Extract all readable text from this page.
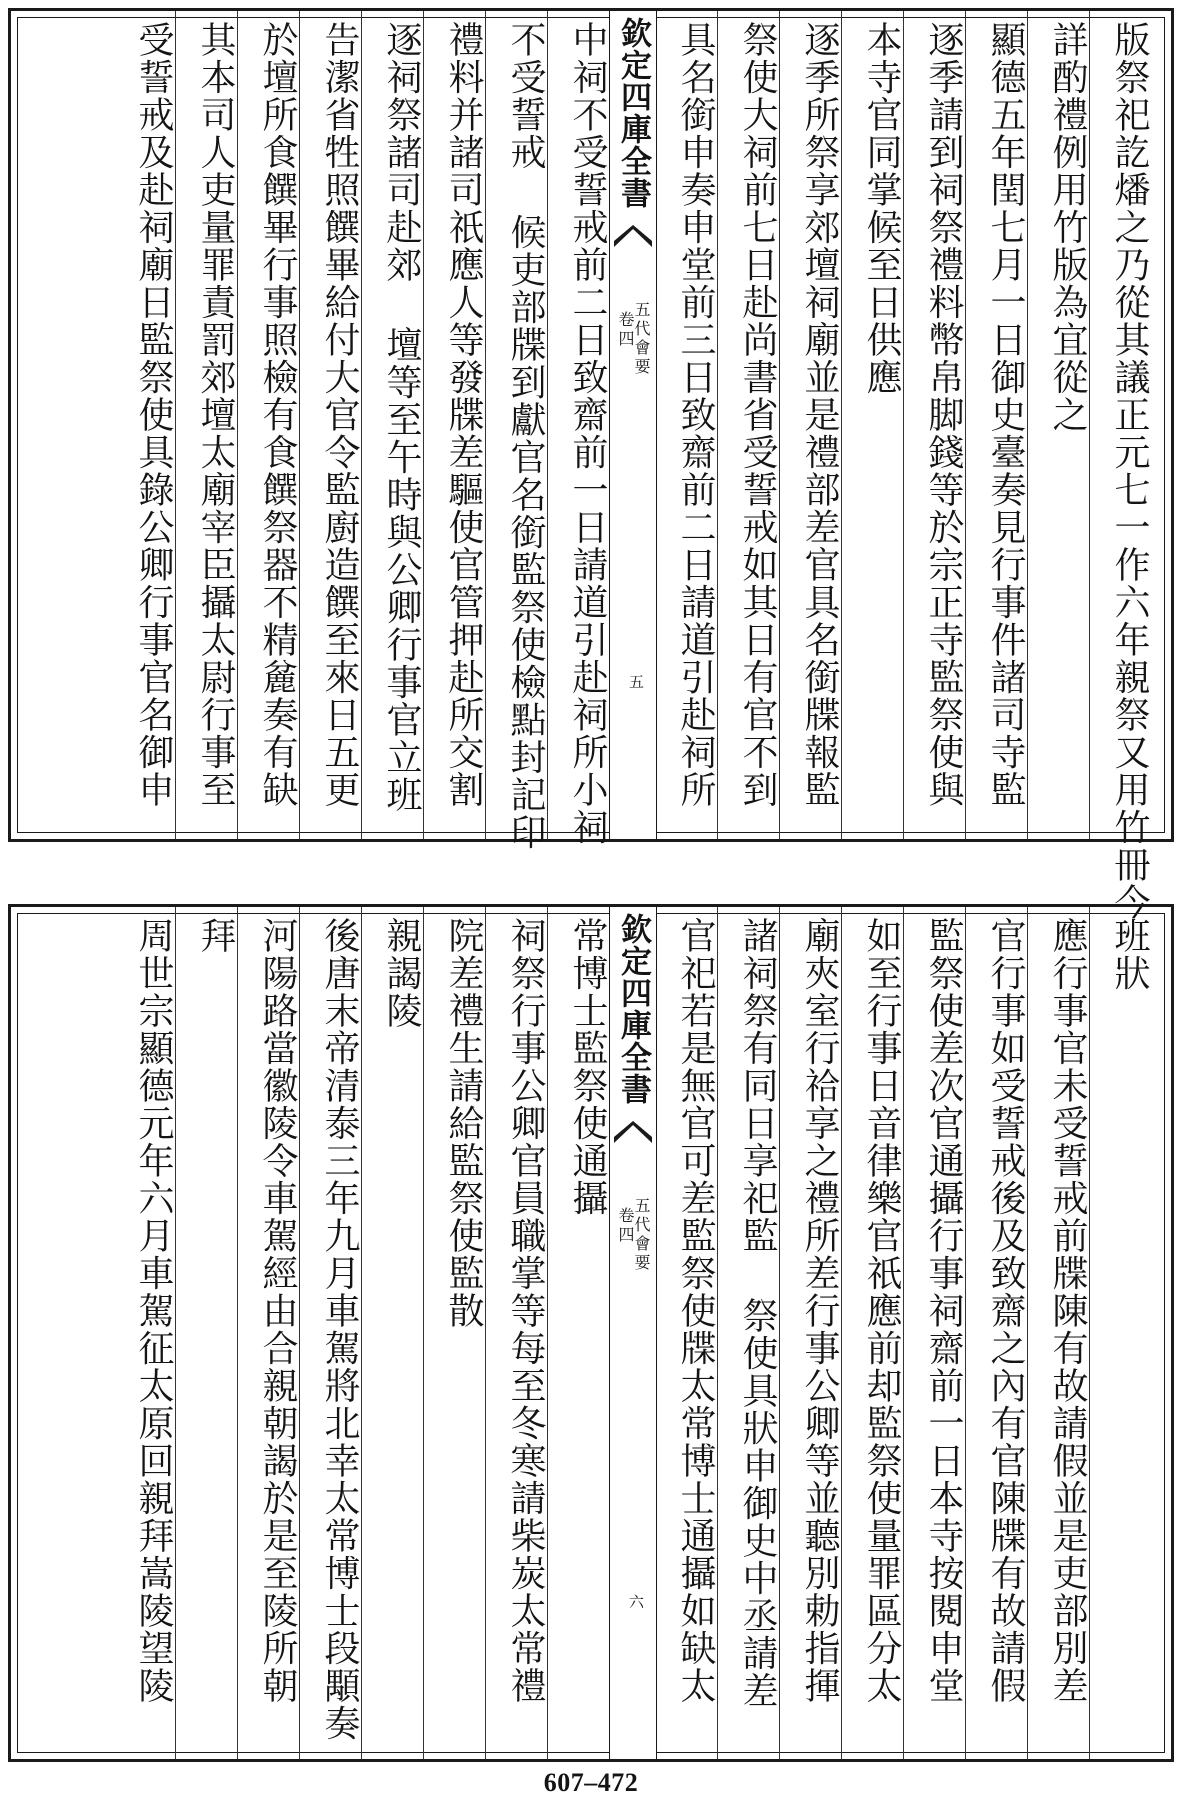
版祭祀訖燔之乃從其議正元七一作六年親祭又用竹冊今
詳酌禮例用竹版為宜從之
顯德五年閏七月一日御史臺奏見行事件諸司寺監
逐季請到祠祭禮料幣帛脚錢等於宗正寺監祭使與
本寺官同掌候至日供應
逐季所祭享郊壇祠廟並是禮部差官具名銜牒報監
祭使大祠前七日赴尚書省受誓戒如其日有官不到
具名銜申奏申堂前三日致齋前二日請道引赴祠所
中祠不受誓戒前二日致齋前一日請道引赴祠所小祠
不受誓戒 候吏部牒到獻官名銜監祭使檢點封記印
禮料并諸司祇應人等發牒差驅使官管押赴所交割
逐祠祭諸司赴郊 壇等至午時與公卿行事官立班
告潔省牲照饌畢給付大官令監廚造饌至來日五更
於壇所食饌畢行事照檢有食饌祭器不精麄奏有缺
其本司人吏量罪責罰郊壇太廟宰臣攝太尉行事至
受誓戒及赴祠廟日監祭使具錄公卿行事官名御申	欽定四庫全書
五代會要
卷四
五
班狀
應行事官未受誓戒前牒陳有故請假並是吏部別差
官行事如受誓戒後及致齋之內有官陳牒有故請假
監祭使差次官通攝行事祠齋前一日本寺按閱申堂
如至行事日音律樂官祇應前却監祭使量罪區分太
廟夾室行祫享之禮所差行事公卿等並聽別勅指揮
諸祠祭有同日享祀監 祭使具狀申御史中丞請差
官祀若是無官可差監祭使牒太常博士通攝如缺太
常博士監祭使通攝
祠祭行事公卿官員職掌等每至冬寒請柴炭太常禮
院差禮生請給監祭使監散
親謁陵
後唐末帝清泰三年九月車駕將北幸太常博士段顒奏
河陽路當徽陵令車駕經由合親朝謁於是至陵所朝
拜
周世宗顯德元年六月車駕征太原回親拜嵩陵望陵	欽定四庫全書
五代會要
卷四
六
607–472
